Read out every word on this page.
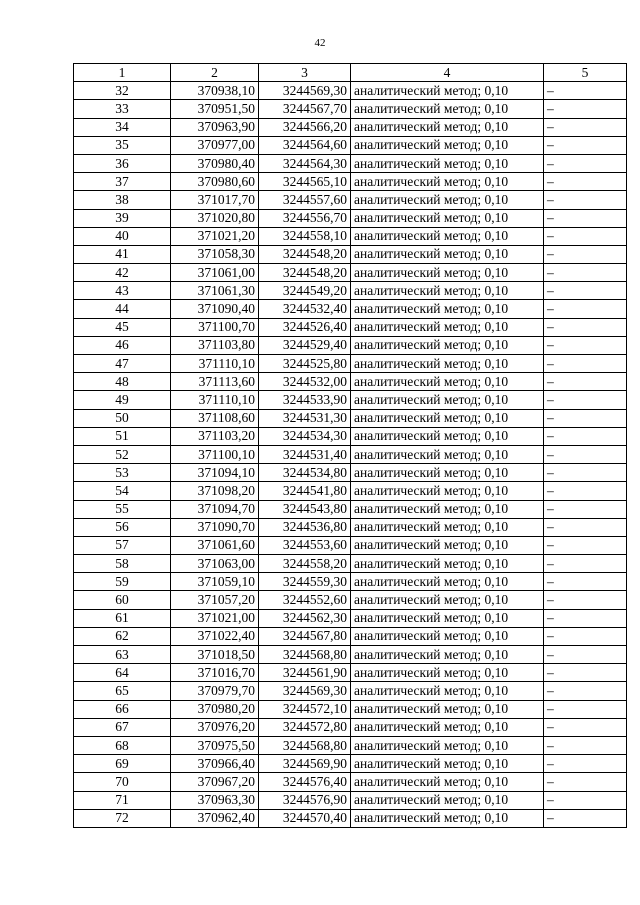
42
1	2	3	4	5
32	370938,10	3244569,30	аналитический метод; 0,10	–
33	370951,50	3244567,70	аналитический метод; 0,10	–
34	370963,90	3244566,20	аналитический метод; 0,10	–
35	370977,00	3244564,60	аналитический метод; 0,10	–
36	370980,40	3244564,30	аналитический метод; 0,10	–
37	370980,60	3244565,10	аналитический метод; 0,10	–
38	371017,70	3244557,60	аналитический метод; 0,10	–
39	371020,80	3244556,70	аналитический метод; 0,10	–
40	371021,20	3244558,10	аналитический метод; 0,10	–
41	371058,30	3244548,20	аналитический метод; 0,10	–
42	371061,00	3244548,20	аналитический метод; 0,10	–
43	371061,30	3244549,20	аналитический метод; 0,10	–
44	371090,40	3244532,40	аналитический метод; 0,10	–
45	371100,70	3244526,40	аналитический метод; 0,10	–
46	371103,80	3244529,40	аналитический метод; 0,10	–
47	371110,10	3244525,80	аналитический метод; 0,10	–
48	371113,60	3244532,00	аналитический метод; 0,10	–
49	371110,10	3244533,90	аналитический метод; 0,10	–
50	371108,60	3244531,30	аналитический метод; 0,10	–
51	371103,20	3244534,30	аналитический метод; 0,10	–
52	371100,10	3244531,40	аналитический метод; 0,10	–
53	371094,10	3244534,80	аналитический метод; 0,10	–
54	371098,20	3244541,80	аналитический метод; 0,10	–
55	371094,70	3244543,80	аналитический метод; 0,10	–
56	371090,70	3244536,80	аналитический метод; 0,10	–
57	371061,60	3244553,60	аналитический метод; 0,10	–
58	371063,00	3244558,20	аналитический метод; 0,10	–
59	371059,10	3244559,30	аналитический метод; 0,10	–
60	371057,20	3244552,60	аналитический метод; 0,10	–
61	371021,00	3244562,30	аналитический метод; 0,10	–
62	371022,40	3244567,80	аналитический метод; 0,10	–
63	371018,50	3244568,80	аналитический метод; 0,10	–
64	371016,70	3244561,90	аналитический метод; 0,10	–
65	370979,70	3244569,30	аналитический метод; 0,10	–
66	370980,20	3244572,10	аналитический метод; 0,10	–
67	370976,20	3244572,80	аналитический метод; 0,10	–
68	370975,50	3244568,80	аналитический метод; 0,10	–
69	370966,40	3244569,90	аналитический метод; 0,10	–
70	370967,20	3244576,40	аналитический метод; 0,10	–
71	370963,30	3244576,90	аналитический метод; 0,10	–
72	370962,40	3244570,40	аналитический метод; 0,10	–
